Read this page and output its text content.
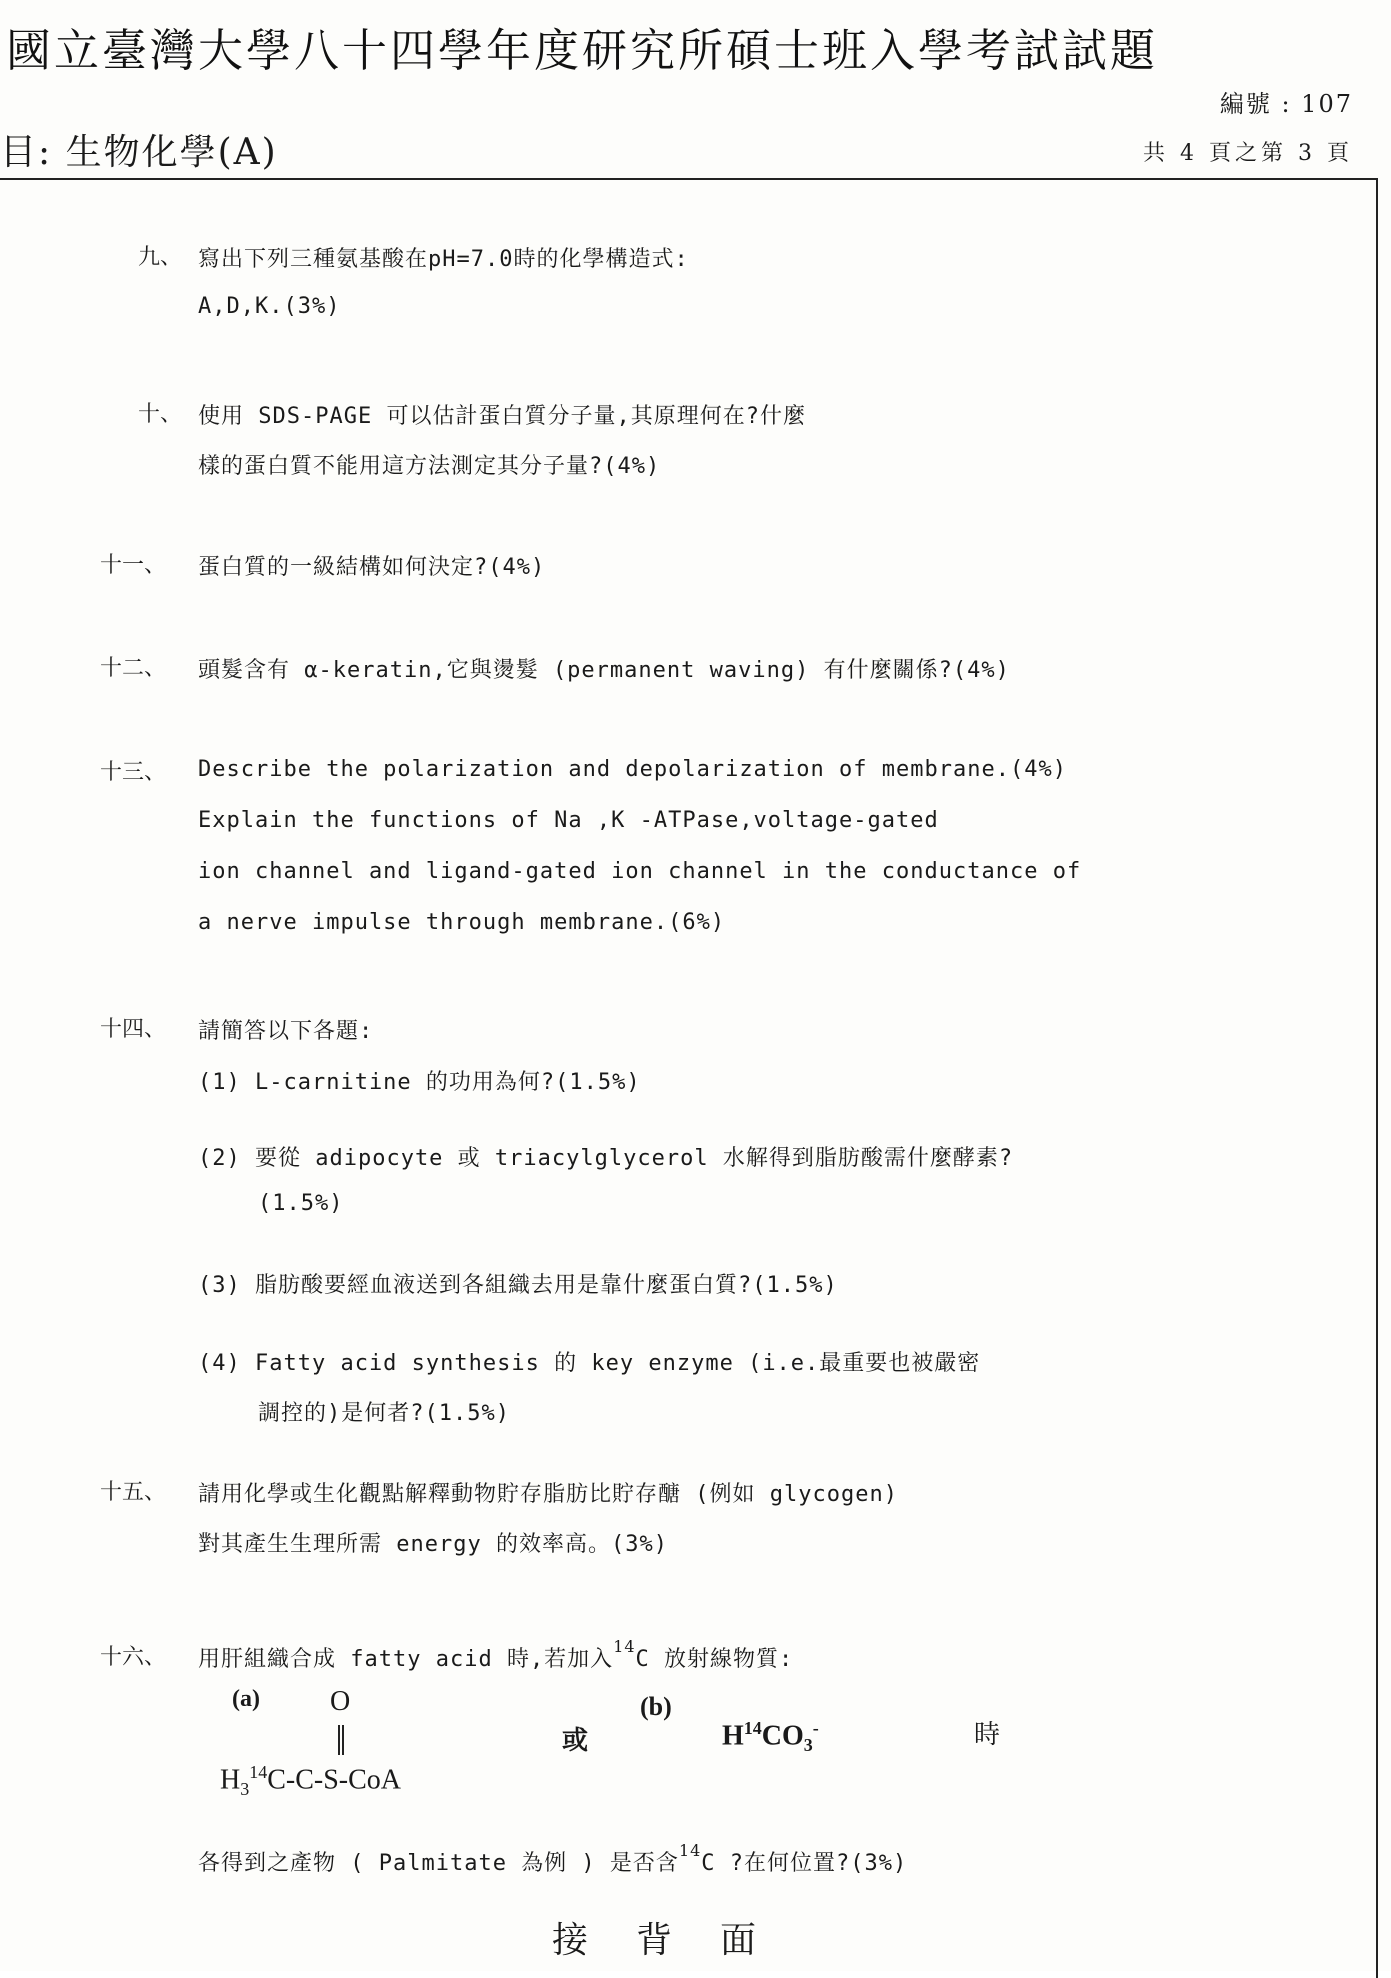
國立臺灣大學八十四學年度研究所碩士班入學考試試題
編號 : 107
目: 生物化學(A)	共 4 頁之第 3 頁
九、 寫出下列三種氨基酸在pH=7.0時的化學構造式:
A,D,K.(3%)
十、 使用 SDS-PAGE 可以估計蛋白質分子量,其原理何在?什麼
樣的蛋白質不能用這方法測定其分子量?(4%)
十一、 蛋白質的一級結構如何決定?(4%)
十二、 頭髮含有 α-keratin,它與燙髮 (permanent waving) 有什麼關係?(4%)
十三、 Describe the polarization and depolarization of membrane.(4%)
Explain the functions of Na ,K -ATPase,voltage-gated
ion channel and ligand-gated ion channel in the conductance of
a nerve impulse through membrane.(6%)
十四、 請簡答以下各題:
(1) L-carnitine 的功用為何?(1.5%)
(2) 要從 adipocyte 或 triacylglycerol 水解得到脂肪酸需什麼酵素?
(1.5%)
(3) 脂肪酸要經血液送到各組織去用是靠什麼蛋白質?(1.5%)
(4) Fatty acid synthesis 的 key enzyme (i.e.最重要也被嚴密
調控的)是何者?(1.5%)
十五、 請用化學或生化觀點解釋動物貯存脂肪比貯存醣 (例如 glycogen)
對其產生生理所需 energy 的效率高。(3%)
十六、 用肝組織合成 fatty acid 時,若加入$^{14}$C 放射線物質:
(a)	O
$H_3^{14}C-C-S$-CoA
或
(b)
$H^{14}CO_3^-$	時
各得到之產物 ( Palmitate 為例 ) 是否含$^{14}$C ?在何位置?(3%)
接背面
